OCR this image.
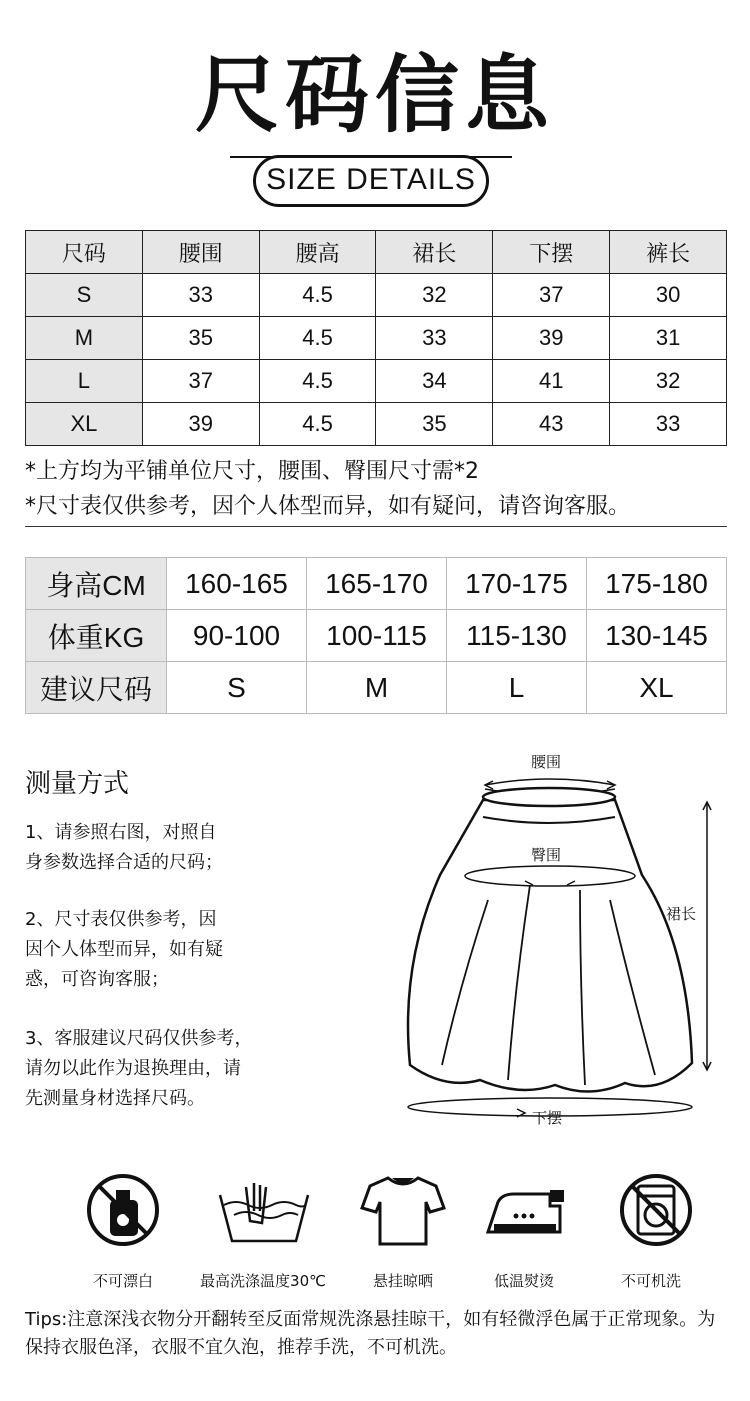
尺码信息
SIZE DETAILS
尺码	腰围	腰高	裙长	下摆	裤长
S	33	4.5	32	37	30
M	35	4.5	33	39	31
L	37	4.5	34	41	32
XL	39	4.5	35	43	33
*上方均为平铺单位尺寸，腰围、臀围尺寸需*2
*尺寸表仅供参考，因个人体型而异，如有疑问，请咨询客服。
身高CM	160-165	165-170	170-175	175-180
体重KG	90-100	100-115	115-130	130-145
建议尺码	S	M	L	XL
测量方式
1、请参照右图，对照自
身参数选择合适的尺码；
2、尺寸表仅供参考，因
因个人体型而异，如有疑
惑，可咨询客服；
3、客服建议尺码仅供参考，
请勿以此作为退换理由，请
先测量身材选择尺码。
腰围
臀围
裙长
下摆
不可漂白	最高洗涤温度30℃	悬挂晾晒	低温熨烫	不可机洗
Tips:注意深浅衣物分开翻转至反面常规洗涤悬挂晾干，如有轻微浮色属于正常现象。为保持衣服色泽，衣服不宜久泡，推荐手洗，不可机洗。
